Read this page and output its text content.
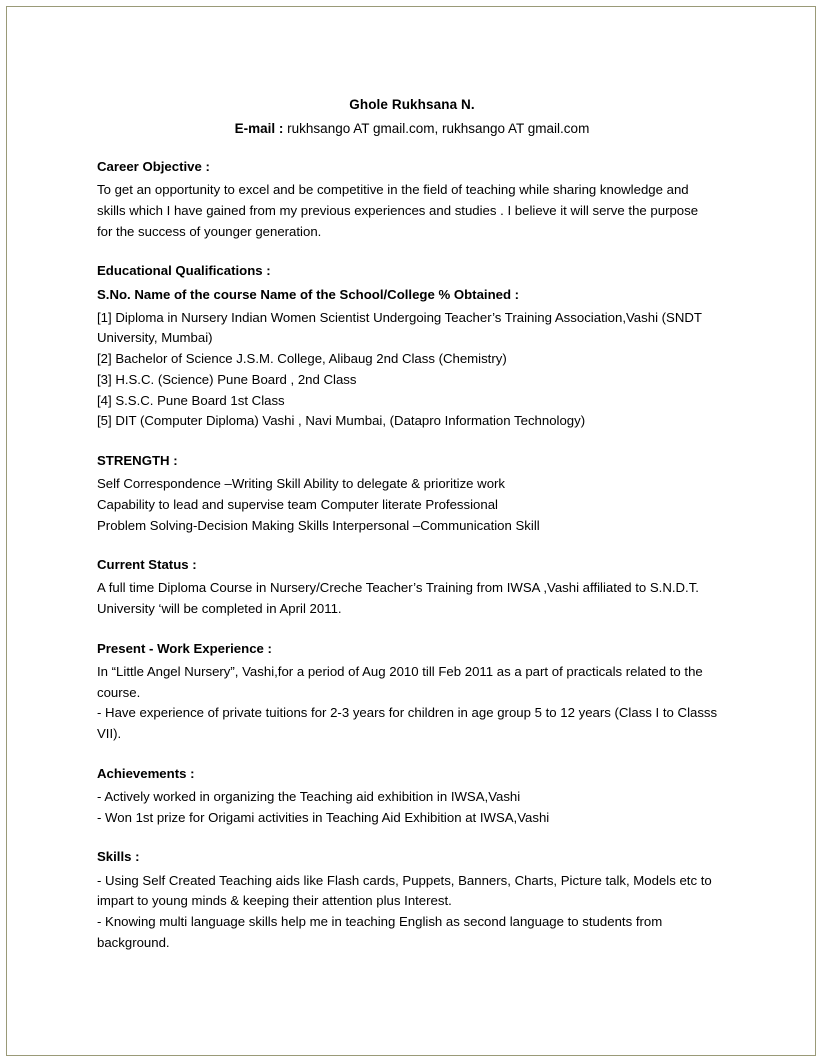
Ghole Rukhsana N.
E-mail : rukhsango AT gmail.com, rukhsango AT gmail.com
Career Objective :
To get an opportunity to excel and be competitive in the field of teaching while sharing knowledge and
skills which I have gained from my previous experiences and studies . I believe it will serve the purpose
for the success of younger generation.
Educational Qualifications :
S.No. Name of the course Name of the School/College % Obtained :
[1] Diploma in Nursery Indian Women Scientist Undergoing Teacher’s Training Association,Vashi (SNDT
University, Mumbai)
[2] Bachelor of Science J.S.M. College, Alibaug 2nd Class (Chemistry)
[3] H.S.C. (Science) Pune Board , 2nd Class
[4] S.S.C. Pune Board 1st Class
[5] DIT (Computer Diploma) Vashi , Navi Mumbai, (Datapro Information Technology)
STRENGTH :
Self Correspondence –Writing Skill Ability to delegate & prioritize work
Capability to lead and supervise team Computer literate Professional
Problem Solving-Decision Making Skills Interpersonal –Communication Skill
Current Status :
A full time Diploma Course in Nursery/Creche Teacher’s Training from IWSA ,Vashi affiliated to S.N.D.T.
University ‘will be completed in April 2011.
Present - Work Experience :
In “Little Angel Nursery”, Vashi,for a period of Aug 2010 till Feb 2011 as a part of practicals related to the
course.
- Have experience of private tuitions for 2-3 years for children in age group 5 to 12 years (Class I to Classs
VII).
Achievements :
- Actively worked in organizing the Teaching aid exhibition in IWSA,Vashi
- Won 1st prize for Origami activities in Teaching Aid Exhibition at IWSA,Vashi
Skills :
- Using Self Created Teaching aids like Flash cards, Puppets, Banners, Charts, Picture talk, Models etc to
impart to young minds & keeping their attention plus Interest.
- Knowing multi language skills help me in teaching English as second language to students from
background.
